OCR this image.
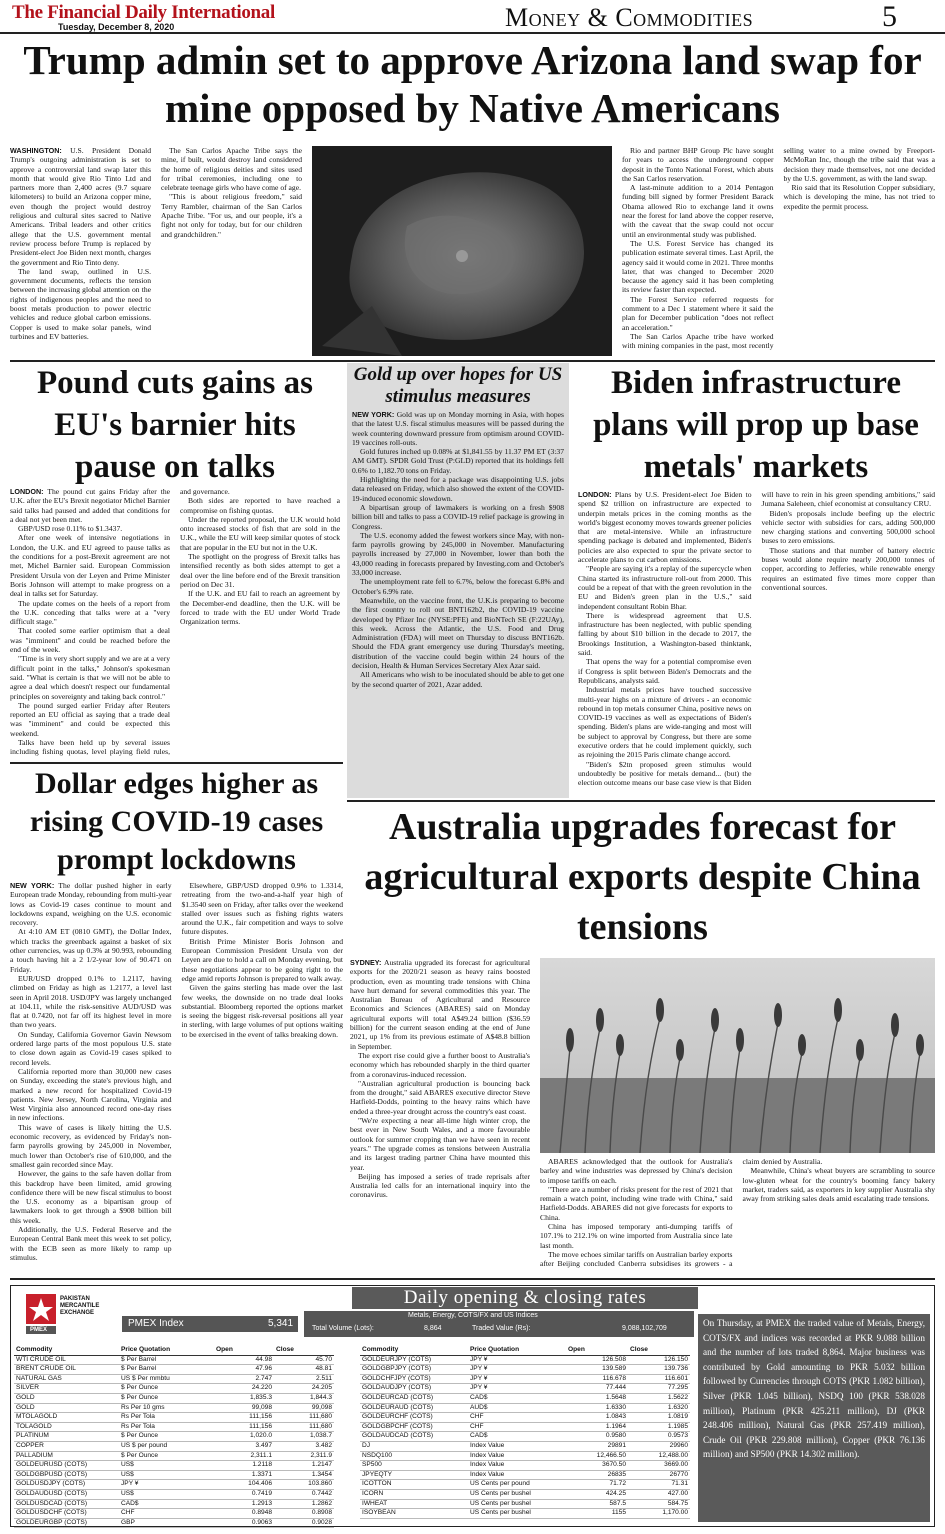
The Financial Daily International
Tuesday, December 8, 2020	Money & Commodities	5
Trump admin set to approve Arizona land swap for mine opposed by Native Americans

WASHINGTON: U.S. President Donald Trump's outgoing administration is set to approve a controversial land swap later this month that would give Rio Tinto Ltd and partners more than 2,400 acres (9.7 square kilometers) to build an Arizona copper mine, even though the project would destroy religious and cultural sites sacred to Native Americans. Tribal leaders and other critics allege that the U.S. government mental review process before Trump is replaced by President-elect Joe Biden next month, charges the government and Rio Tinto deny.

The land swap, outlined in U.S. government documents, reflects the tension between the increasing global attention on the rights of indigenous peoples and the need to boost metals production to power electric vehicles and reduce global carbon emissions. Copper is used to make solar panels, wind turbines and EV batteries.

The San Carlos Apache Tribe says the mine, if built, would destroy land considered the home of religious deities and sites used for tribal ceremonies, including one to celebrate teenage girls who have come of age.

"This is about religious freedom," said Terry Rambler, chairman of the San Carlos Apache Tribe. "For us, and our people, it's a fight not only for today, but for our children and grandchildren."

Rio and partner BHP Group Plc have sought for years to access the underground copper deposit in the Tonto National Forest, which abuts the San Carlos reservation.

A last-minute addition to a 2014 Pentagon funding bill signed by former President Barack Obama allowed Rio to exchange land it owns near the forest for land above the copper reserve, with the caveat that the swap could not occur until an environmental study was published.

The U.S. Forest Service has changed its publication estimate several times. Last April, the agency said it would come in 2021. Three months later, that was changed to December 2020 because the agency said it has been completing its review faster than expected.

The Forest Service referred requests for comment to a Dec 1 statement where it said the plan for December publication "does not reflect an acceleration."

The San Carlos Apache tribe have worked with mining companies in the past, most recently selling water to a mine owned by Freeport-McMoRan Inc, though the tribe said that was a decision they made themselves, not one decided by the U.S. government, as with the land swap.

Rio said that its Resolution Copper subsidiary, which is developing the mine, has not tried to expedite the permit process.

Pound cuts gains as EU's barnier hits pause on talks

LONDON: The pound cut gains Friday after the U.K. after the EU's Brexit negotiator Michel Barnier said talks had paused and added that conditions for a deal not yet been met.

GBP/USD rose 0.11% to $1.3437.

After one week of intensive negotiations in London, the U.K. and EU agreed to pause talks as the conditions for a post-Brexit agreement are not met, Michel Barnier said. European Commission President Ursula von der Leyen and Prime Minister Boris Johnson will attempt to make progress on a deal in talks set for Saturday.

The update comes on the heels of a report from the U.K. conceding that talks were at a "very difficult stage."

That cooled some earlier optimism that a deal was "imminent" and could be reached before the end of the week.

"Time is in very short supply and we are at a very difficult point in the talks," Johnson's spokesman said. "What is certain is that we will not be able to agree a deal which doesn't respect our fundamental principles on sovereignty and taking back control."

The pound surged earlier Friday after Reuters reported an EU official as saying that a trade deal was "imminent" and could be expected this weekend.

Talks have been held up by several issues including fishing quotas, level playing field rules, and governance.

Both sides are reported to have reached a compromise on fishing quotas.

Under the reported proposal, the U.K would hold onto increased stocks of fish that are sold in the U.K., while the EU will keep similar quotes of stock that are popular in the EU but not in the U.K.

The spotlight on the progress of Brexit talks has intensified recently as both sides attempt to get a deal over the line before end of the Brexit transition period on Dec 31.

If the U.K. and EU fail to reach an agreement by the December-end deadline, then the U.K. will be forced to trade with the EU under World Trade Organization terms.

Gold up over hopes for US stimulus measures

NEW YORK: Gold was up on Monday morning in Asia, with hopes that the latest U.S. fiscal stimulus measures will be passed during the week countering downward pressure from optimism around COVID-19 vaccines roll-outs.

Gold futures inched up 0.08% at $1,841.55 by 11.37 PM ET (3:37 AM GMT). SPDR Gold Trust (P:GLD) reported that its holdings fell 0.6% to 1,182.70 tons on Friday.

Highlighting the need for a package was disappointing U.S. jobs data released on Friday, which also showed the extent of the COVID-19-induced economic slowdown.

A bipartisan group of lawmakers is working on a fresh $908 billion bill and talks to pass a COVID-19 relief package is growing in Congress.

The U.S. economy added the fewest workers since May, with non-farm payrolls growing by 245,000 in November. Manufacturing payrolls increased by 27,000 in November, lower than both the 43,000 reading in forecasts prepared by Investing.com and October's 33,000 increase.

The unemployment rate fell to 6.7%, below the forecast 6.8% and October's 6.9% rate.

Meanwhile, on the vaccine front, the U.K.is preparing to become the first country to roll out BNT162b2, the COVID-19 vaccine developed by Pfizer Inc (NYSE:PFE) and BioNTech SE (F:22UAy), this week. Across the Atlantic, the U.S. Food and Drug Administration (FDA) will meet on Thursday to discuss BNT162b. Should the FDA grant emergency use during Thursday's meeting, distribution of the vaccine could begin within 24 hours of the decision, Health & Human Services Secretary Alex Azar said.

All Americans who wish to be inoculated should be able to get one by the second quarter of 2021, Azar added.

Biden infrastructure plans will prop up base metals' markets

LONDON: Plans by U.S. President-elect Joe Biden to spend $2 trillion on infrastructure are expected to underpin metals prices in the coming months as the world's biggest economy moves towards greener policies that are metal-intensive. While an infrastructure spending package is debated and implemented, Biden's policies are also expected to spur the private sector to accelerate plans to cut carbon emissions.

"People are saying it's a replay of the supercycle when China started its infrastructure roll-out from 2000. This could be a repeat of that with the green revolution in the EU and Biden's green plan in the U.S.," said independent consultant Robin Bhar.

There is widespread agreement that U.S. infrastructure has been neglected, with public spending falling by about $10 billion in the decade to 2017, the Brookings Institution, a Washington-based thinktank, said.

That opens the way for a potential compromise even if Congress is split between Biden's Democrats and the Republicans, analysts said.

Industrial metals prices have touched successive multi-year highs on a mixture of drivers - an economic rebound in top metals consumer China, positive news on COVID-19 vaccines as well as expectations of Biden's spending. Biden's plans are wide-ranging and most will be subject to approval by Congress, but there are some executive orders that he could implement quickly, such as rejoining the 2015 Paris climate change accord.

"Biden's $2tn proposed green stimulus would undoubtedly be positive for metals demand... (but) the election outcome means our base case view is that Biden will have to rein in his green spending ambitions," said Jumana Saleheen, chief economist at consultancy CRU.

Biden's proposals include beefing up the electric vehicle sector with subsidies for cars, adding 500,000 new charging stations and converting 500,000 school buses to zero emissions.

Those stations and that number of battery electric buses would alone require nearly 200,000 tonnes of copper, according to Jefferies, while renewable energy requires an estimated five times more copper than conventional sources.

Dollar edges higher as rising COVID-19 cases prompt lockdowns

NEW YORK: The dollar pushed higher in early European trade Monday, rebounding from multi-year lows as Covid-19 cases continue to mount and lockdowns expand, weighing on the U.S. economic recovery.

At 4:10 AM ET (0810 GMT), the Dollar Index, which tracks the greenback against a basket of six other currencies, was up 0.3% at 90.993, rebounding a touch having hit a 2 1/2-year low of 90.471 on Friday.

EUR/USD dropped 0.1% to 1.2117, having climbed on Friday as high as 1.2177, a level last seen in April 2018. USD/JPY was largely unchanged at 104.11, while the risk-sensitive AUD/USD was flat at 0.7420, not far off its highest level in more than two years.

On Sunday, California Governor Gavin Newsom ordered large parts of the most populous U.S. state to close down again as Covid-19 cases spiked to record levels.

California reported more than 30,000 new cases on Sunday, exceeding the state's previous high, and marked a new record for hospitalized Covid-19 patients. New Jersey, North Carolina, Virginia and West Virginia also announced record one-day rises in new infections.

This wave of cases is likely hitting the U.S. economic recovery, as evidenced by Friday's non-farm payrolls growing by 245,000 in November, much lower than October's rise of 610,000, and the smallest gain recorded since May.

However, the gains to the safe haven dollar from this backdrop have been limited, amid growing confidence there will be new fiscal stimulus to boost the U.S. economy as a bipartisan group of lawmakers look to get through a $908 billion bill this week.

Additionally, the U.S. Federal Reserve and the European Central Bank meet this week to set policy, with the ECB seen as more likely to ramp up stimulus.

Elsewhere, GBP/USD dropped 0.9% to 1.3314, retreating from the two-and-a-half year high of $1.3540 seen on Friday, after talks over the weekend stalled over issues such as fishing rights waters around the U.K., fair competition and ways to solve future disputes.

British Prime Minister Boris Johnson and European Commission President Ursula von der Leyen are due to hold a call on Monday evening, but these negotiations appear to be going right to the edge amid reports Johnson is prepared to walk away.

Given the gains sterling has made over the last few weeks, the downside on no trade deal looks substantial. Bloomberg reported the options market is seeing the biggest risk-reversal positions all year in sterling, with large volumes of put options waiting to be exercised in the event of talks breaking down.

Australia upgrades forecast for agricultural exports despite China tensions

SYDNEY: Australia upgraded its forecast for agricultural exports for the 2020/21 season as heavy rains boosted production, even as mounting trade tensions with China have hurt demand for several commodities this year. The Australian Bureau of Agricultural and Resource Economics and Sciences (ABARES) said on Monday agricultural exports will total A$49.24 billion ($36.59 billion) for the current season ending at the end of June 2021, up 1% from its previous estimate of A$48.8 billion in September.

The export rise could give a further boost to Australia's economy which has rebounded sharply in the third quarter from a coronavirus-induced recession.

"Australian agricultural production is bouncing back from the drought," said ABARES executive director Steve Hatfield-Dodds, pointing to the heavy rains which have ended a three-year drought across the country's east coast.

"We're expecting a near all-time high winter crop, the best ever in New South Wales, and a more favourable outlook for summer cropping than we have seen in recent years." The upgrade comes as tensions between Australia and its largest trading partner China have mounted this year.

Beijing has imposed a series of trade reprisals after Australia led calls for an international inquiry into the coronavirus.

ABARES acknowledged that the outlook for Australia's barley and wine industries was depressed by China's decision to impose tariffs on each.

"There are a number of risks present for the rest of 2021 that remain a watch point, including wine trade with China," said Hatfield-Dodds. ABARES did not give forecasts for exports to China.

China has imposed temporary anti-dumping tariffs of 107.1% to 212.1% on wine imported from Australia since late last month.

The move echoes similar tariffs on Australian barley exports after Beijing concluded Canberra subsidises its growers - a claim denied by Australia.

Meanwhile, China's wheat buyers are scrambling to source low-gluten wheat for the country's booming fancy bakery market, traders said, as exporters in key supplier Australia shy away from striking sales deals amid escalating trade tensions.

Daily opening & closing rates
PAKISTAN MERCANTILE EXCHANGE
PMEX
PMEX Index	5,341
Metals, Energy, COTS/FX and US Indices
Total Volume (Lots):	8,864	Traded Value (Rs):	9,088,102,709
Commodity	Price Quotation	Open	Close
WTI CRUDE OIL	$ Per Barrel	44.98	45.70
BRENT CRUDE OIL	$ Per Barrel	47.96	48.81
NATURAL GAS	US $ Per mmbtu	2.747	2.511
SILVER	$ Per Ounce	24.220	24.205
GOLD	$ Per Ounce	1,835.3	1,844.3
GOLD	Rs Per 10 gms	99,098	99,098
MTOLAGOLD	Rs Per Tola	111,156	111,680
TOLAGOLD	Rs Per Tola	111,156	111,680
PLATINUM	$ Per Ounce	1,020.0	1,038.7
COPPER	US $ per pound	3.497	3.482
PALLADIUM	$ Per Ounce	2,311.1	2,311.9
GOLDEURUSD (COTS)	US$	1.2118	1.2147
GOLDGBPUSD (COTS)	US$	1.3371	1.3454
GOLDUSDJPY (COTS)	JPY ¥	104.406	103.860
GOLDAUDUSD (COTS)	US$	0.7419	0.7442
GOLDUSDCAD (COTS)	CAD$	1.2913	1.2862
GOLDUSDCHF (COTS)	CHF	0.8948	0.8908
GOLDEURGBP (COTS)	GBP	0.9063	0.9028
Commodity	Price Quotation	Open	Close
GOLDEURJPY (COTS)	JPY ¥	126.508	126.150
GOLDGBPJPY (COTS)	JPY ¥	139.589	139.736
GOLDCHFJPY (COTS)	JPY ¥	116.678	116.601
GOLDAUDJPY (COTS)	JPY ¥	77.444	77.295
GOLDEURCAD (COTS)	CAD$	1.5648	1.5622
GOLDEURAUD (COTS)	AUD$	1.6330	1.6320
GOLDEURCHF (COTS)	CHF	1.0843	1.0819
GOLDGBPCHF (COTS)	CHF	1.1964	1.1985
GOLDAUDCAD (COTS)	CAD$	0.9580	0.9573
DJ	Index Value	29891	29960
NSDQ100	Index Value	12,466.50	12,488.00
SP500	Index Value	3670.50	3669.00
JPYEQTY	Index Value	26835	26770
ICOTTON	US Cents per pound	71.72	71.31
ICORN	US Cents per bushel	424.25	427.00
IWHEAT	US Cents per bushel	587.5	584.75
ISOYBEAN	US Cents per bushel	1155	1,170.00
On Thursday, at PMEX the traded value of Metals, Energy, COTS/FX and indices was recorded at PKR 9.088 billion and the number of lots traded 8,864. Major business was contributed by Gold amounting to PKR 5.032 billion followed by Currencies through COTS (PKR 1.082 billion), Silver (PKR 1.045 billion), NSDQ 100 (PKR 538.028 million), Platinum (PKR 425.211 million), DJ (PKR 248.406 million), Natural Gas (PKR 257.419 million), Crude Oil (PKR 229.808 million), Copper (PKR 76.136 million) and SP500 (PKR 14.302 million).
